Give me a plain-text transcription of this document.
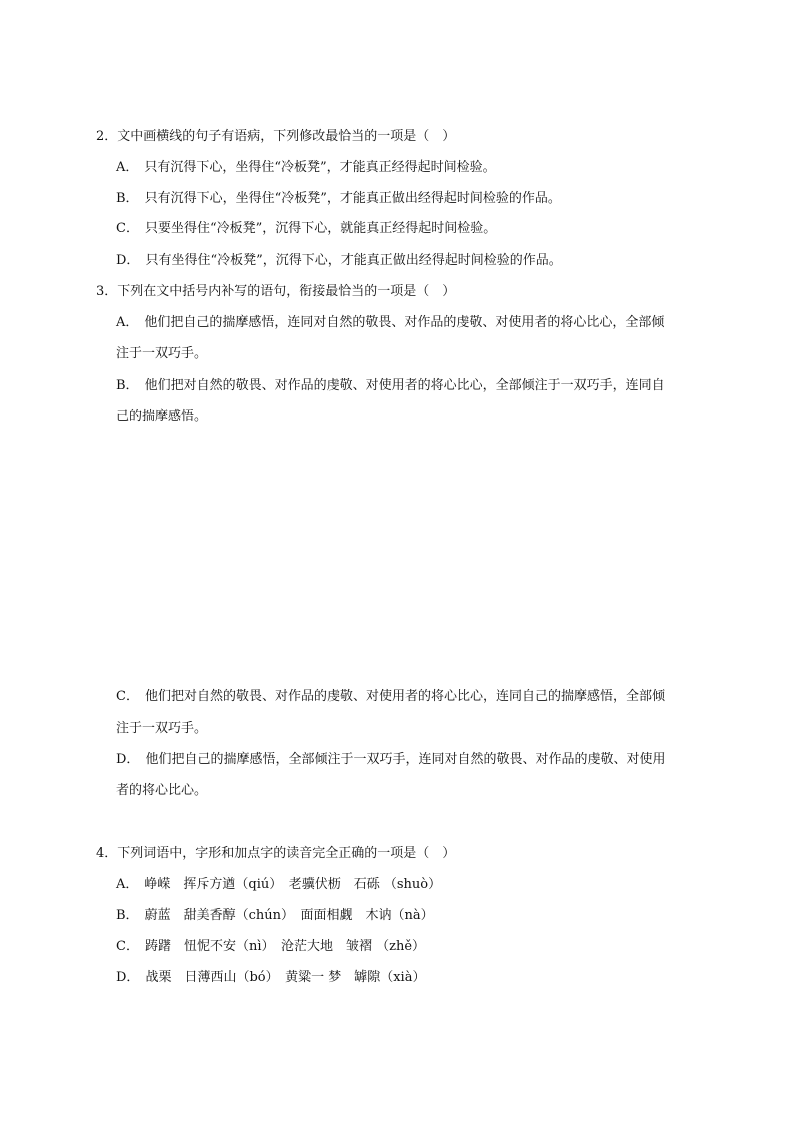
2．文中画横线的句子有语病，下列修改最恰当的一项是（　）
A． 只有沉得下心，坐得住“冷板凳”，才能真正经得起时间检验。
B． 只有沉得下心，坐得住“冷板凳”，才能真正做出经得起时间检验的作品。
C． 只要坐得住“冷板凳”，沉得下心，就能真正经得起时间检验。
D． 只有坐得住“冷板凳”，沉得下心，才能真正做出经得起时间检验的作品。
3．下列在文中括号内补写的语句，衔接最恰当的一项是（　）
A． 他们把自己的揣摩感悟，连同对自然的敬畏、对作品的虔敬、对使用者的将心比心，全部倾
注于一双巧手。
B． 他们把对自然的敬畏、对作品的虔敬、对使用者的将心比心，全部倾注于一双巧手，连同自
己的揣摩感悟。
C． 他们把对自然的敬畏、对作品的虔敬、对使用者的将心比心，连同自己的揣摩感悟，全部倾
注于一双巧手。
D． 他们把自己的揣摩感悟，全部倾注于一双巧手，连同对自然的敬畏、对作品的虔敬、对使用
者的将心比心。
4．下列词语中，字形和加点字的读音完全正确的一项是（　）
A． 峥嵘　挥斥方遒（qiú）　老骥伏枥　石砾 （shuò）
B． 蔚蓝　甜美香醇（chún）　面面相觑　木讷（nà）
C． 踌躇　忸怩不安（nì）　沧茫大地　皱褶 （zhě）
D． 战栗　日薄西山（bó）　黄粱一 梦　罅隙（xià）
